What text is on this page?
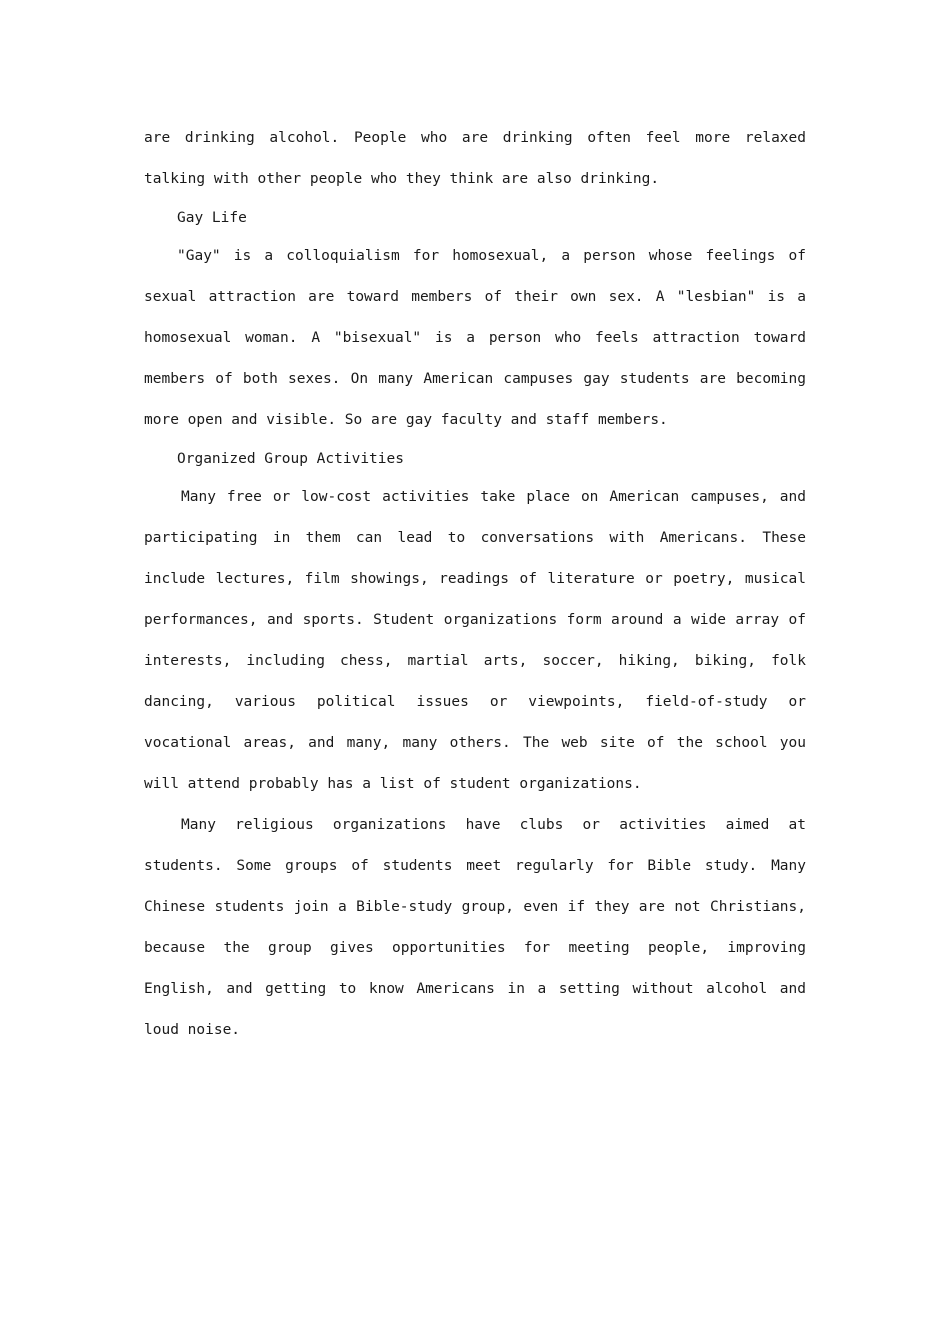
are drinking alcohol. People who are drinking often feel more relaxed talking with other people who they think are also drinking.

Gay Life

"Gay" is a colloquialism for homosexual, a person whose feelings of sexual attraction are toward members of their own sex. A "lesbian" is a homosexual woman. A "bisexual" is a person who feels attraction toward members of both sexes. On many American campuses gay students are becoming more open and visible. So are gay faculty and staff members.

Organized Group Activities

Many free or low-cost activities take place on American campuses, and participating in them can lead to conversations with Americans. These include lectures, film showings, readings of literature or poetry, musical performances, and sports. Student organizations form around a wide array of interests, including chess, martial arts, soccer, hiking, biking, folk dancing, various political issues or viewpoints, field-of-study or vocational areas, and many, many others. The web site of the school you will attend probably has a list of student organizations.

Many religious organizations have clubs or activities aimed at students. Some groups of students meet regularly for Bible study. Many Chinese students join a Bible-study group, even if they are not Christians, because the group gives opportunities for meeting people, improving English, and getting to know Americans in a setting without alcohol and loud noise.
